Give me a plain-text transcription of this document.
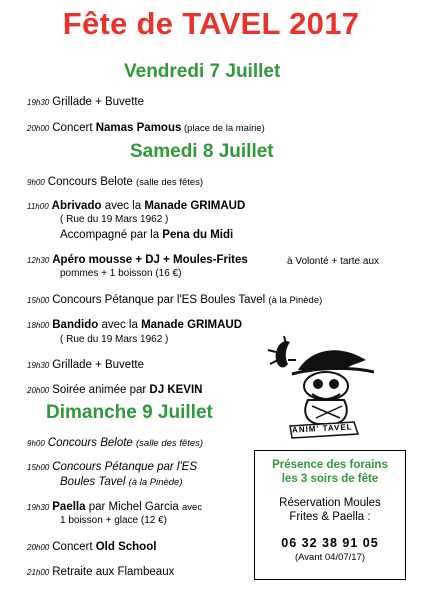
Fête de TAVEL 2017
Vendredi 7 Juillet
19h30 Grillade + Buvette
20h00 Concert Namas Pamous (place de la mairie)
Samedi 8 Juillet
9h00 Concours Belote (salle des fêtes)
11h00 Abrivado avec la Manade GRIMAUD
( Rue du 19 Mars 1962 )
Accompagné par la Pena du Midi
12h30 Apéro mousse + DJ + Moules-Frites	à Volonté + tarte aux
pommes + 1 boisson (16 €)
15h00 Concours Pétanque par l'ES Boules Tavel (à la Pinède)
18h00 Bandido avec la Manade GRIMAUD
( Rue du 19 Mars 1962 )
19h30 Grillade + Buvette
20h00 Soirée animée par DJ KEVIN
Dimanche 9 Juillet
9h00 Concours Belote (salle des fêtes)
15h00 Concours Pétanque par l'ES
Boules Tavel (à la Pinède)
19h30 Paella par Michel Garcia avec
1 boisson + glace (12 €)
20h00 Concert Old School
21h00 Retraite aux Flambeaux
ANIM' TAVEL
Présence des forains
les 3 soirs de fête
Réservation Moules
Frites & Paella :
06 32 38 91 05
(Avant 04/07/17)
